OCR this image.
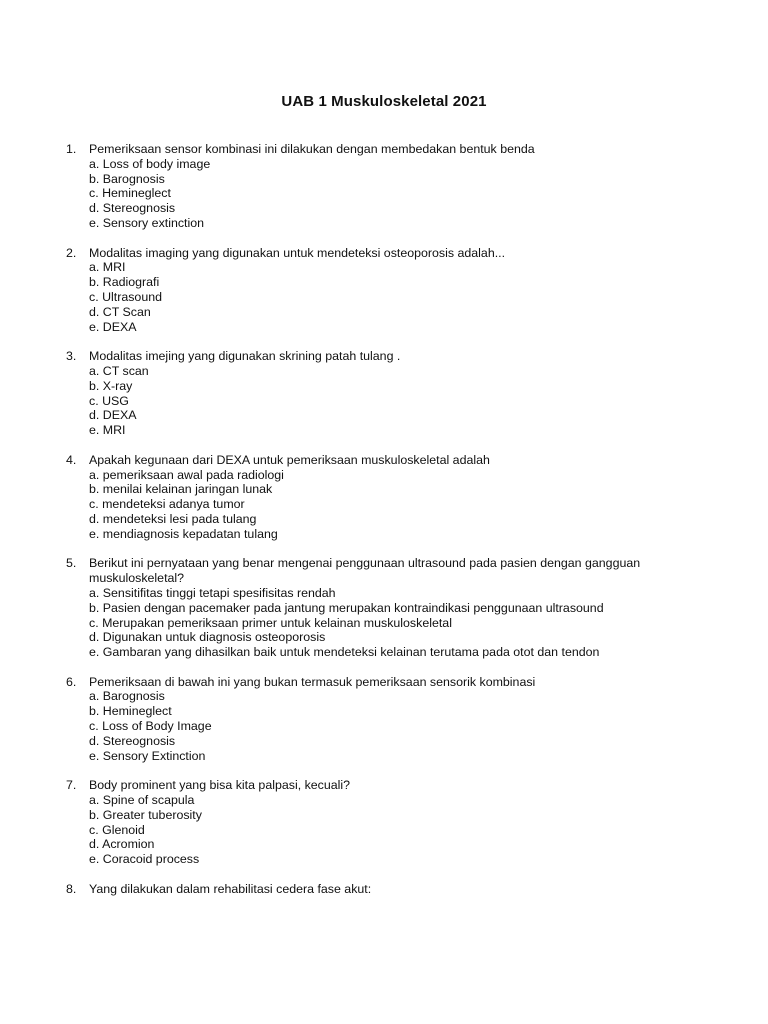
UAB 1 Muskuloskeletal 2021
1.	Pemeriksaan sensor kombinasi ini dilakukan dengan membedakan bentuk benda
a. Loss of body image
b. Barognosis
c. Hemineglect
d. Stereognosis
e. Sensory extinction
2.	Modalitas imaging yang digunakan untuk mendeteksi osteoporosis adalah...
a. MRI
b. Radiografi
c. Ultrasound
d. CT Scan
e. DEXA
3.	Modalitas imejing yang digunakan skrining patah tulang .
a. CT scan
b. X-ray
c. USG
d. DEXA
e. MRI
4.	Apakah kegunaan dari DEXA untuk pemeriksaan muskuloskeletal adalah
a. pemeriksaan awal pada radiologi
b. menilai kelainan jaringan lunak
c. mendeteksi adanya tumor
d. mendeteksi lesi pada tulang
e. mendiagnosis kepadatan tulang
5.	Berikut ini pernyataan yang benar mengenai penggunaan ultrasound pada pasien dengan gangguan muskuloskeletal?
a. Sensitifitas tinggi tetapi spesifisitas rendah
b. Pasien dengan pacemaker pada jantung merupakan kontraindikasi penggunaan ultrasound
c. Merupakan pemeriksaan primer untuk kelainan muskuloskeletal
d. Digunakan untuk diagnosis osteoporosis
e. Gambaran yang dihasilkan baik untuk mendeteksi kelainan terutama pada otot dan tendon
6.	Pemeriksaan di bawah ini yang bukan termasuk pemeriksaan sensorik kombinasi
a. Barognosis
b. Hemineglect
c. Loss of Body Image
d. Stereognosis
e. Sensory Extinction
7.	Body prominent yang bisa kita palpasi, kecuali?
a. Spine of scapula
b. Greater tuberosity
c. Glenoid
d. Acromion
e. Coracoid process
8.	Yang dilakukan dalam rehabilitasi cedera fase akut:
